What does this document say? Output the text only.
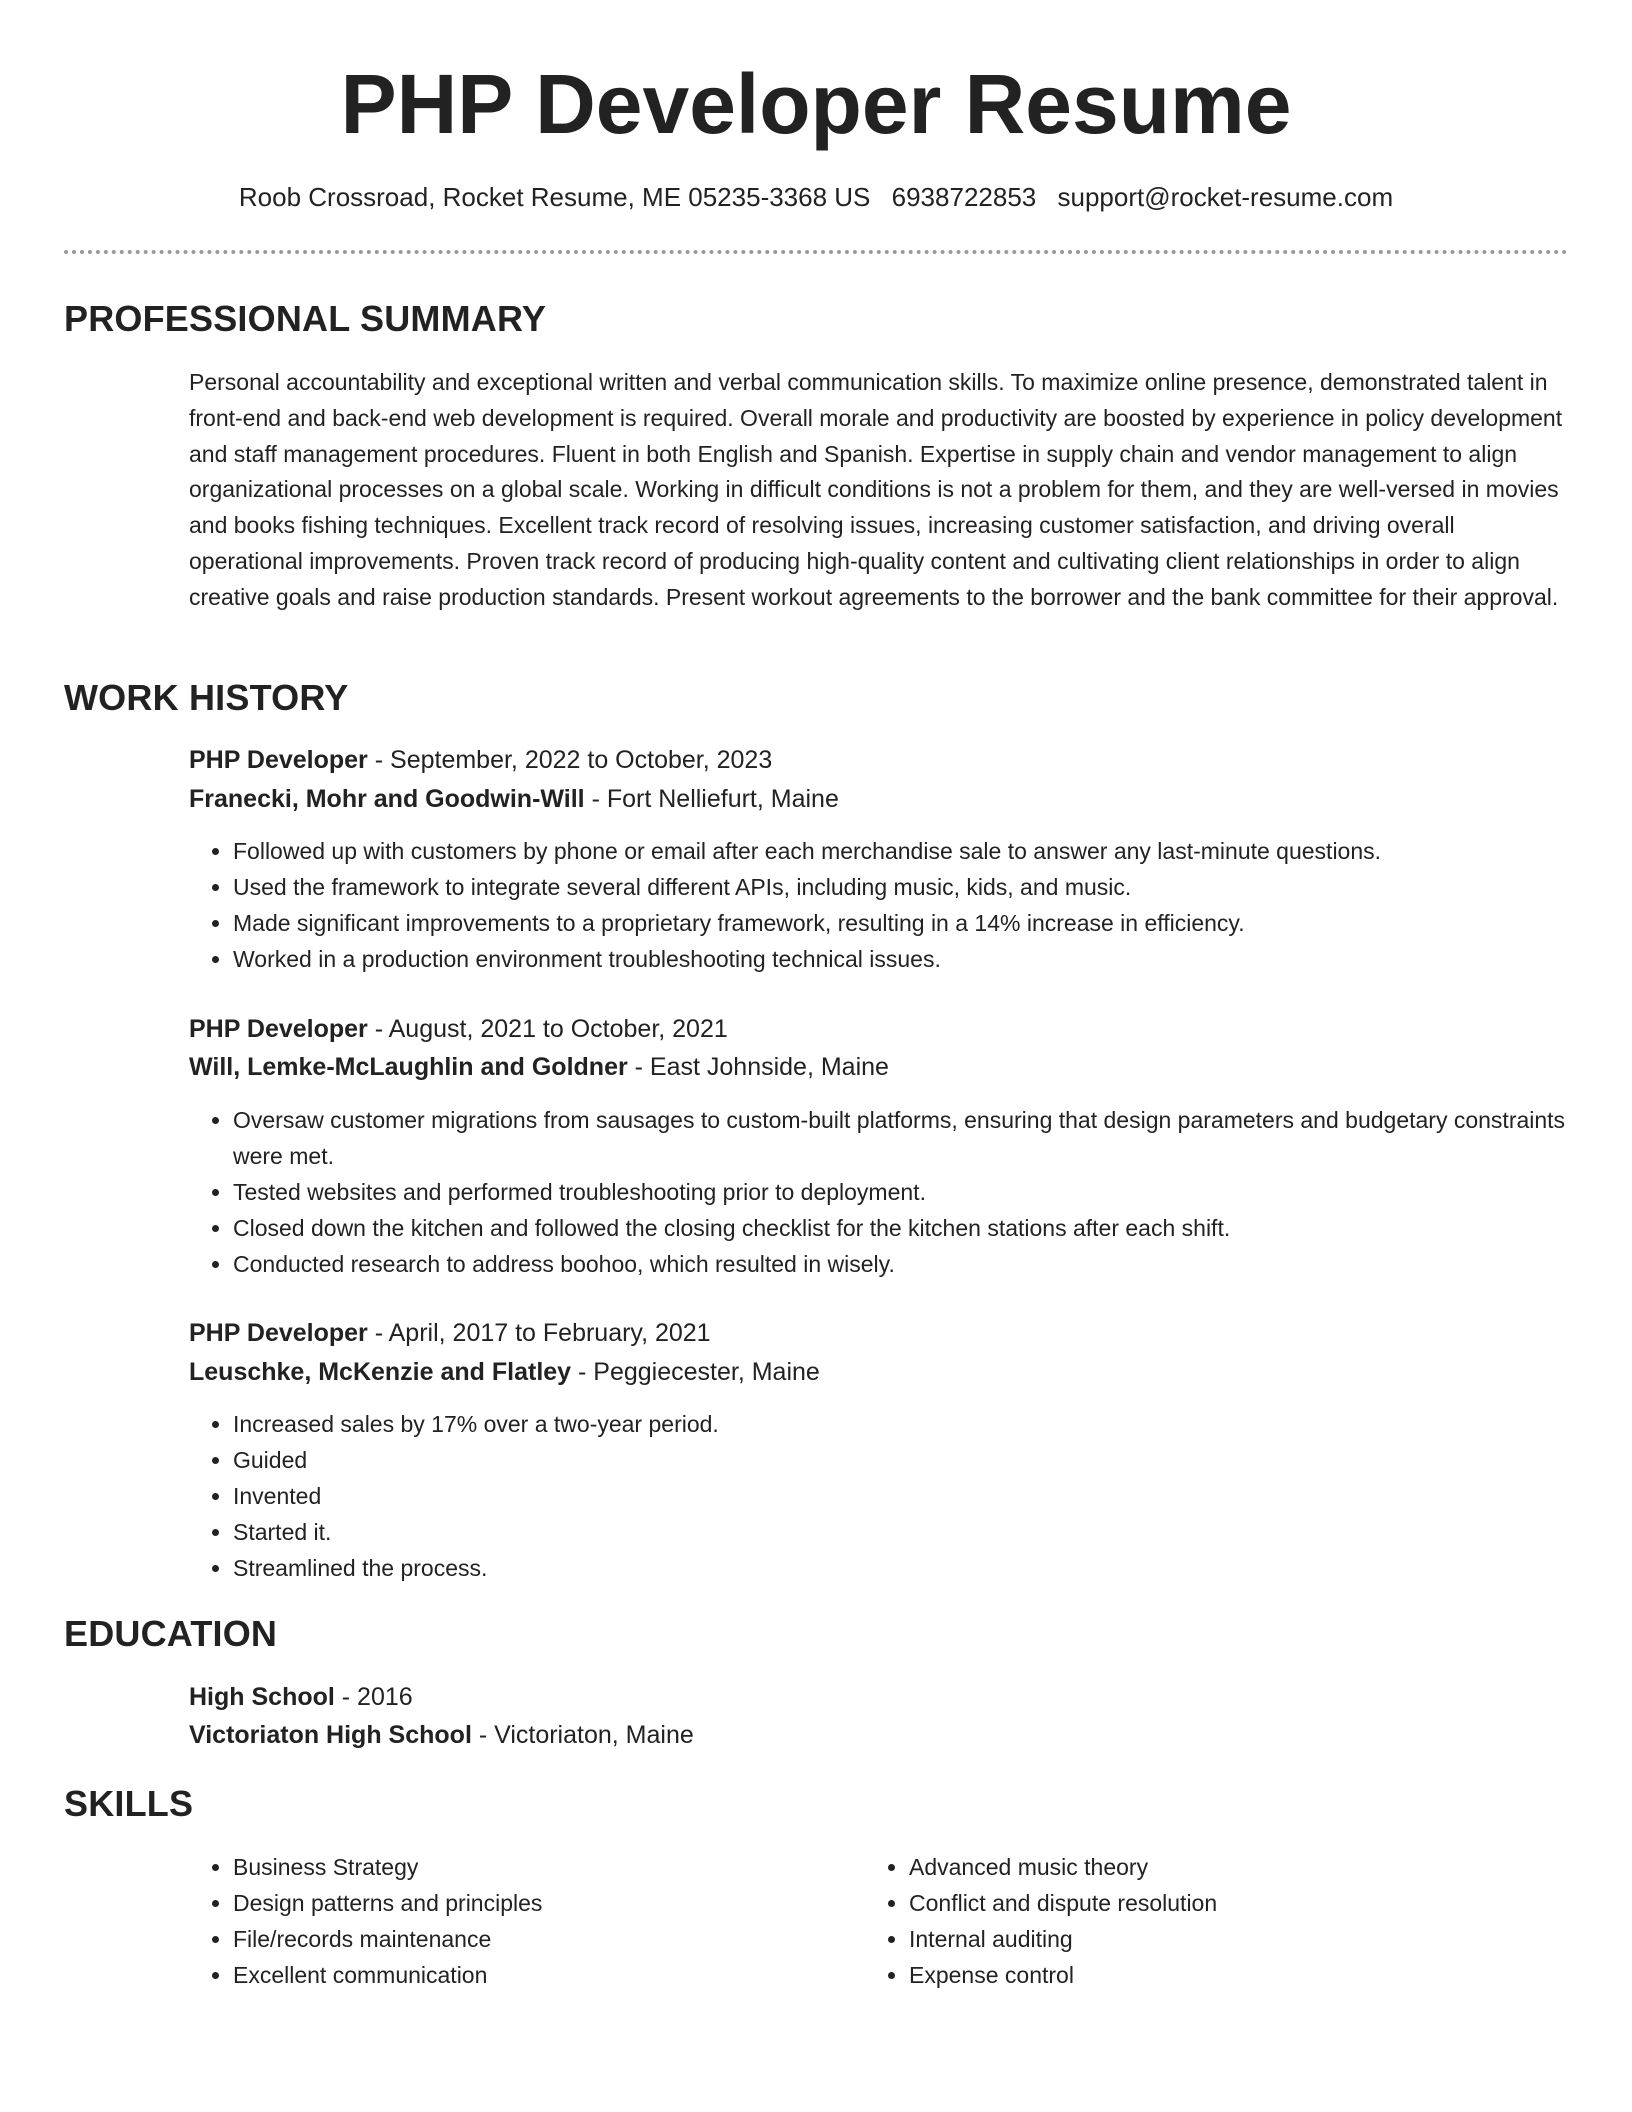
PHP Developer Resume
Roob Crossroad, Rocket Resume, ME 05235-3368 US 6938722853 support@rocket-resume.com
PROFESSIONAL SUMMARY

Personal accountability and exceptional written and verbal communication skills. To maximize online presence, demonstrated talent in front-end and back-end web development is required. Overall morale and productivity are boosted by experience in policy development and staff management procedures. Fluent in both English and Spanish. Expertise in supply chain and vendor management to align organizational processes on a global scale. Working in difficult conditions is not a problem for them, and they are well-versed in movies and books fishing techniques. Excellent track record of resolving issues, increasing customer satisfaction, and driving overall operational improvements. Proven track record of producing high-quality content and cultivating client relationships in order to align creative goals and raise production standards. Present workout agreements to the borrower and the bank committee for their approval.

WORK HISTORY
PHP Developer - September, 2022 to October, 2023
Franecki, Mohr and Goodwin-Will - Fort Nelliefurt, Maine
• Followed up with customers by phone or email after each merchandise sale to answer any last-minute questions.
• Used the framework to integrate several different APIs, including music, kids, and music.
• Made significant improvements to a proprietary framework, resulting in a 14% increase in efficiency.
• Worked in a production environment troubleshooting technical issues.
PHP Developer - August, 2021 to October, 2021
Will, Lemke-McLaughlin and Goldner - East Johnside, Maine
• Oversaw customer migrations from sausages to custom-built platforms, ensuring that design parameters and budgetary constraints were met.
• Tested websites and performed troubleshooting prior to deployment.
• Closed down the kitchen and followed the closing checklist for the kitchen stations after each shift.
• Conducted research to address boohoo, which resulted in wisely.
PHP Developer - April, 2017 to February, 2021
Leuschke, McKenzie and Flatley - Peggiecester, Maine
• Increased sales by 17% over a two-year period.
• Guided
• Invented
• Started it.
• Streamlined the process.
EDUCATION
High School - 2016
Victoriaton High School - Victoriaton, Maine
SKILLS
• Business Strategy
• Design patterns and principles
• File/records maintenance
• Excellent communication
• Advanced music theory
• Conflict and dispute resolution
• Internal auditing
• Expense control
